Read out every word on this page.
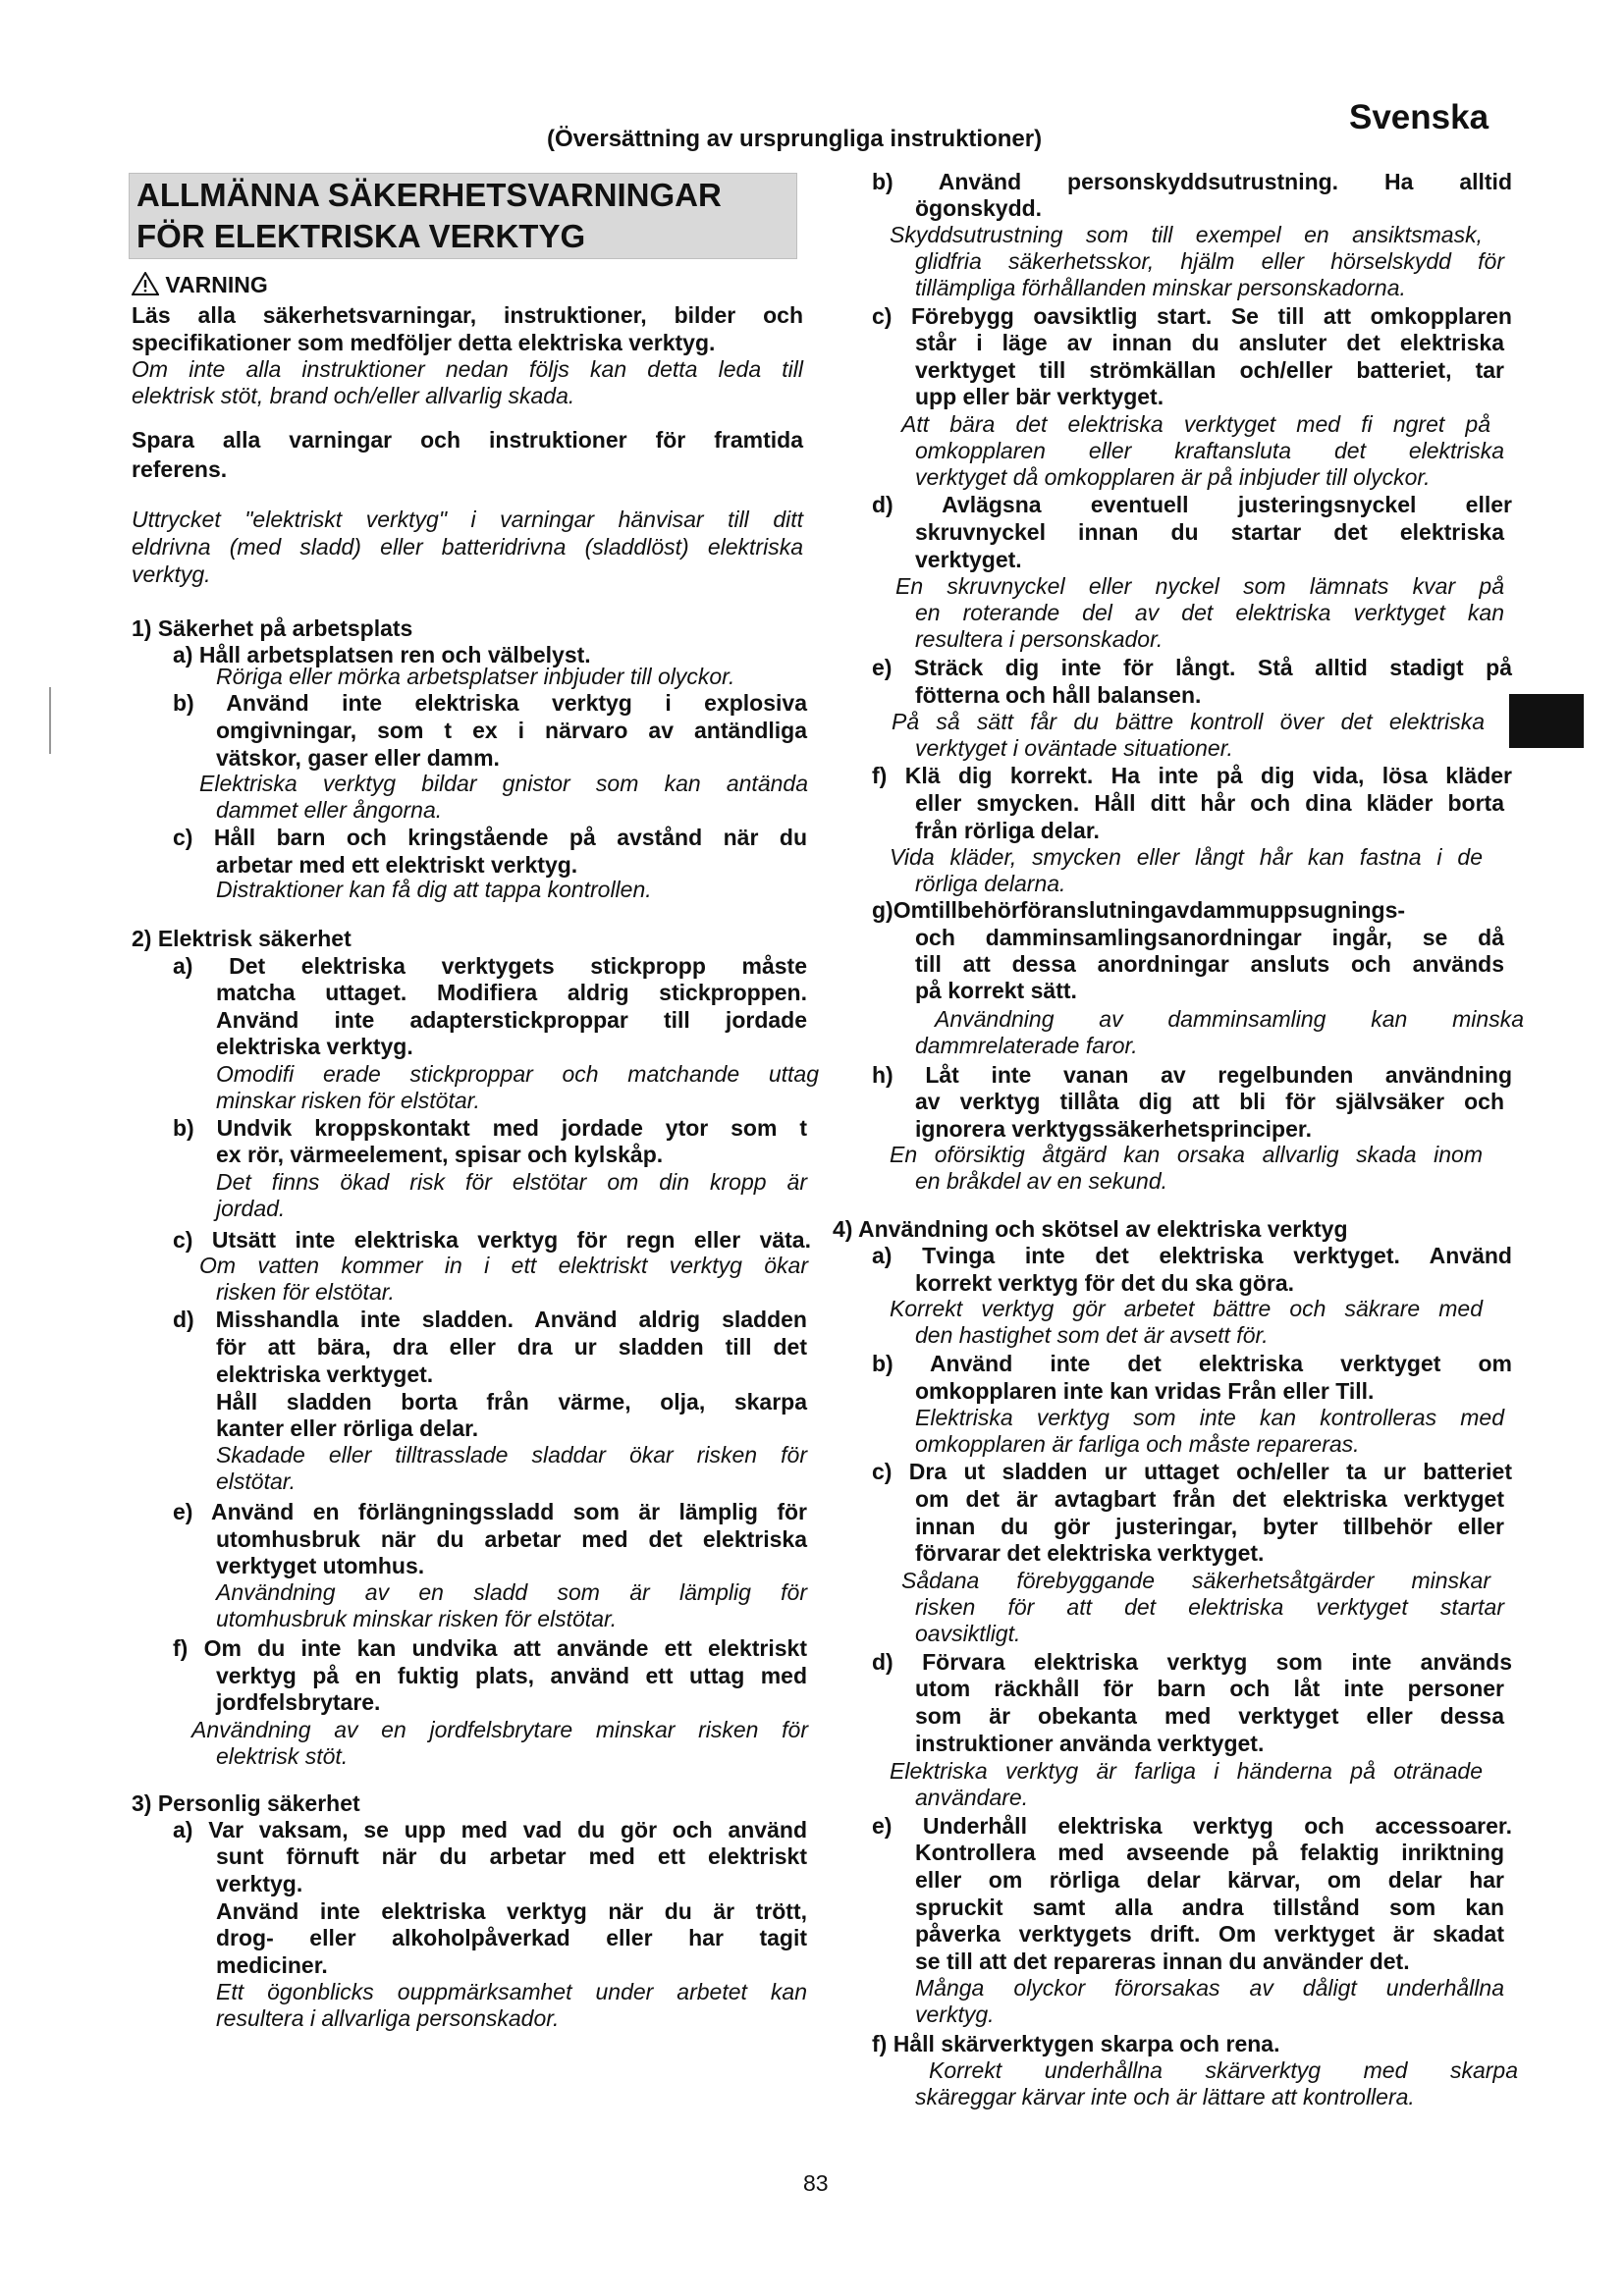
(Översättning av ursprungliga instruktioner)
Svenska
ALLMÄNNA SÄKERHETSVARNINGAR
FÖR ELEKTRISKA VERKTYG
VARNING
Läs alla säkerhetsvarningar, instruktioner, bilder och
specifikationer som medföljer detta elektriska verktyg.
Om inte alla instruktioner nedan följs kan detta leda till
elektrisk stöt, brand och/eller allvarlig skada.
Spara alla varningar och instruktioner för framtida
referens.
Uttrycket "elektriskt verktyg" i varningar hänvisar till ditt
eldrivna (med sladd) eller batteridrivna (sladdlöst) elektriska
verktyg.
1) Säkerhet på arbetsplats
a) Håll arbetsplatsen ren och välbelyst.
Röriga eller mörka arbetsplatser inbjuder till olyckor.
b) Använd inte elektriska verktyg i explosiva
omgivningar, som t ex i närvaro av antändliga
vätskor, gaser eller damm.
Elektriska verktyg bildar gnistor som kan antända
dammet eller ångorna.
c) Håll barn och kringstående på avstånd när du
arbetar med ett elektriskt verktyg.
Distraktioner kan få dig att tappa kontrollen.
2) Elektrisk säkerhet
a) Det elektriska verktygets stickpropp måste
matcha uttaget. Modifiera aldrig stickproppen.
Använd inte adapterstickproppar till jordade
elektriska verktyg.
Omodifi erade stickproppar och matchande uttag
minskar risken för elstötar.
b) Undvik kroppskontakt med jordade ytor som t
ex rör, värmeelement, spisar och kylskåp.
Det finns ökad risk för elstötar om din kropp är
jordad.
c) Utsätt inte elektriska verktyg för regn eller väta.
Om vatten kommer in i ett elektriskt verktyg ökar
risken för elstötar.
d) Misshandla inte sladden. Använd aldrig sladden
för att bära, dra eller dra ur sladden till det
elektriska verktyget.
Håll sladden borta från värme, olja, skarpa
kanter eller rörliga delar.
Skadade eller tilltrasslade sladdar ökar risken för
elstötar.
e) Använd en förlängningssladd som är lämplig för
utomhusbruk när du arbetar med det elektriska
verktyget utomhus.
Användning av en sladd som är lämplig för
utomhusbruk minskar risken för elstötar.
f) Om du inte kan undvika att använde ett elektriskt
verktyg på en fuktig plats, använd ett uttag med
jordfelsbrytare.
Användning av en jordfelsbrytare minskar risken för
elektrisk stöt.
3) Personlig säkerhet
a) Var vaksam, se upp med vad du gör och använd
sunt förnuft när du arbetar med ett elektriskt
verktyg.
Använd inte elektriska verktyg när du är trött,
drog- eller alkoholpåverkad eller har tagit
mediciner.
Ett ögonblicks ouppmärksamhet under arbetet kan
resultera i allvarliga personskador.
b) Använd personskyddsutrustning. Ha alltid
ögonskydd.
Skyddsutrustning som till exempel en ansiktsmask,
glidfria säkerhetsskor, hjälm eller hörselskydd för
tillämpliga förhållanden minskar personskadorna.
c) Förebygg oavsiktlig start. Se till att omkopplaren
står i läge av innan du ansluter det elektriska
verktyget till strömkällan och/eller batteriet, tar
upp eller bär verktyget.
Att bära det elektriska verktyget med fi ngret på
omkopplaren eller kraftansluta det elektriska
verktyget då omkopplaren är på inbjuder till olyckor.
d) Avlägsna eventuell justeringsnyckel eller
skruvnyckel innan du startar det elektriska
verktyget.
En skruvnyckel eller nyckel som lämnats kvar på
en roterande del av det elektriska verktyget kan
resultera i personskador.
e) Sträck dig inte för långt. Stå alltid stadigt på
fötterna och håll balansen.
På så sätt får du bättre kontroll över det elektriska
verktyget i oväntade situationer.
f) Klä dig korrekt. Ha inte på dig vida, lösa kläder
eller smycken. Håll ditt hår och dina kläder borta
från rörliga delar.
Vida kläder, smycken eller långt hår kan fastna i de
rörliga delarna.
g)Omtillbehörföranslutningavdammuppsugnings-
och damminsamlingsanordningar ingår, se då
till att dessa anordningar ansluts och används
på korrekt sätt.
Användning av damminsamling kan minska
dammrelaterade faror.
h) Låt inte vanan av regelbunden användning
av verktyg tillåta dig att bli för självsäker och
ignorera verktygssäkerhetsprinciper.
En oförsiktig åtgärd kan orsaka allvarlig skada inom
en bråkdel av en sekund.
4) Användning och skötsel av elektriska verktyg
a) Tvinga inte det elektriska verktyget. Använd
korrekt verktyg för det du ska göra.
Korrekt verktyg gör arbetet bättre och säkrare med
den hastighet som det är avsett för.
b) Använd inte det elektriska verktyget om
omkopplaren inte kan vridas Från eller Till.
Elektriska verktyg som inte kan kontrolleras med
omkopplaren är farliga och måste repareras.
c) Dra ut sladden ur uttaget och/eller ta ur batteriet
om det är avtagbart från det elektriska verktyget
innan du gör justeringar, byter tillbehör eller
förvarar det elektriska verktyget.
Sådana förebyggande säkerhetsåtgärder minskar
risken för att det elektriska verktyget startar
oavsiktligt.
d) Förvara elektriska verktyg som inte används
utom räckhåll för barn och låt inte personer
som är obekanta med verktyget eller dessa
instruktioner använda verktyget.
Elektriska verktyg är farliga i händerna på otränade
användare.
e) Underhåll elektriska verktyg och accessoarer.
Kontrollera med avseende på felaktig inriktning
eller om rörliga delar kärvar, om delar har
spruckit samt alla andra tillstånd som kan
påverka verktygets drift. Om verktyget är skadat
se till att det repareras innan du använder det.
Många olyckor förorsakas av dåligt underhållna
verktyg.
f) Håll skärverktygen skarpa och rena.
Korrekt underhållna skärverktyg med skarpa
skäreggar kärvar inte och är lättare att kontrollera.
83
